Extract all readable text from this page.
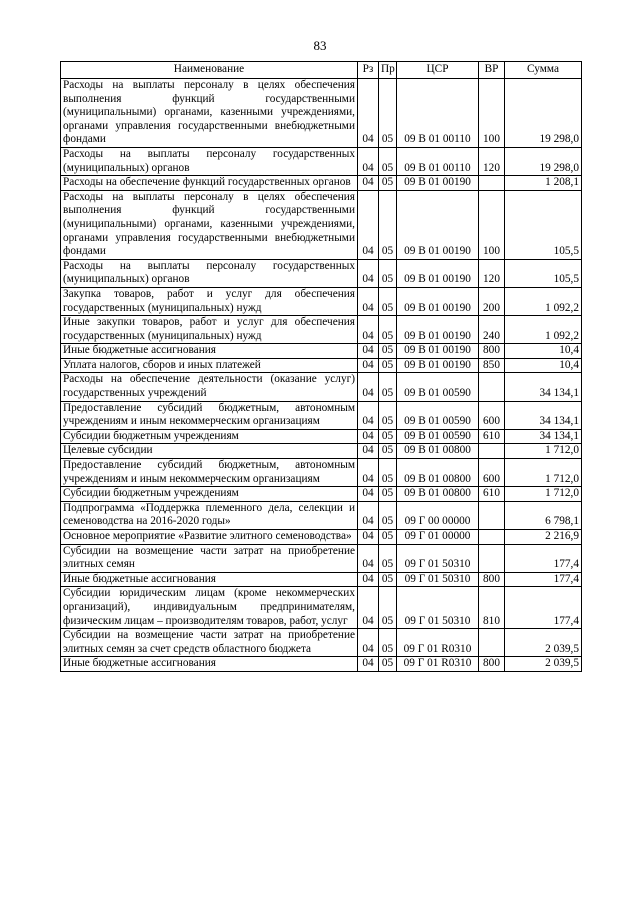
83
Наименование	Рз	Пр	ЦСР	ВР	Сумма
Расходы на выплаты персоналу в целях обеспечения выполнения функций государственными (муниципальными) органами, казенными учреждениями, органами управления государственными внебюджетными фондами	04	05	09 В 01 00110	100	19 298,0
Расходы на выплаты персоналу государственных (муниципальных) органов	04	05	09 В 01 00110	120	19 298,0
Расходы на обеспечение функций государственных органов	04	05	09 В 01 00190		1 208,1
Расходы на выплаты персоналу в целях обеспечения выполнения функций государственными (муниципальными) органами, казенными учреждениями, органами управления государственными внебюджетными фондами	04	05	09 В 01 00190	100	105,5
Расходы на выплаты персоналу государственных (муниципальных) органов	04	05	09 В 01 00190	120	105,5
Закупка товаров, работ и услуг для обеспечения государственных (муниципальных) нужд	04	05	09 В 01 00190	200	1 092,2
Иные закупки товаров, работ и услуг для обеспечения государственных (муниципальных) нужд	04	05	09 В 01 00190	240	1 092,2
Иные бюджетные ассигнования	04	05	09 В 01 00190	800	10,4
Уплата налогов, сборов и иных платежей	04	05	09 В 01 00190	850	10,4
Расходы на обеспечение деятельности (оказание услуг) государственных учреждений	04	05	09 В 01 00590		34 134,1
Предоставление субсидий бюджетным, автономным учреждениям и иным некоммерческим организациям	04	05	09 В 01 00590	600	34 134,1
Субсидии бюджетным учреждениям	04	05	09 В 01 00590	610	34 134,1
Целевые субсидии	04	05	09 В 01 00800		1 712,0
Предоставление субсидий бюджетным, автономным учреждениям и иным некоммерческим организациям	04	05	09 В 01 00800	600	1 712,0
Субсидии бюджетным учреждениям	04	05	09 В 01 00800	610	1 712,0
Подпрограмма «Поддержка племенного дела, селекции и семеноводства на 2016-2020 годы»	04	05	09 Г 00 00000		6 798,1
Основное мероприятие «Развитие элитного семеноводства»	04	05	09 Г 01 00000		2 216,9
Субсидии на возмещение части затрат на приобретение элитных семян	04	05	09 Г 01 50310		177,4
Иные бюджетные ассигнования	04	05	09 Г 01 50310	800	177,4
Субсидии юридическим лицам (кроме некоммерческих организаций), индивидуальным предпринимателям, физическим лицам – производителям товаров, работ, услуг	04	05	09 Г 01 50310	810	177,4
Субсидии на возмещение части затрат на приобретение элитных семян за счет средств областного бюджета	04	05	09 Г 01 R0310		2 039,5
Иные бюджетные ассигнования	04	05	09 Г 01 R0310	800	2 039,5
